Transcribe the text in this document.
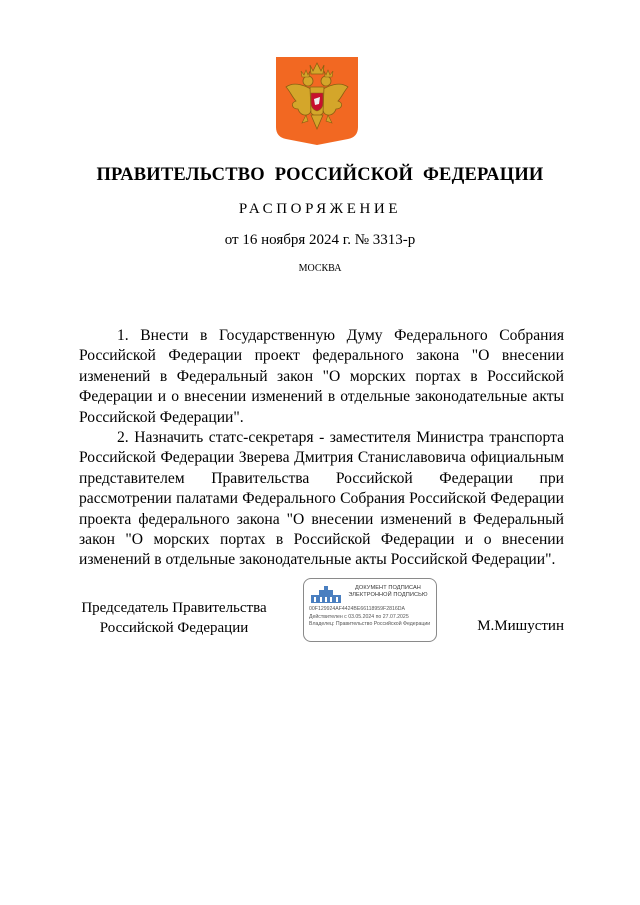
ПРАВИТЕЛЬСТВО РОССИЙСКОЙ ФЕДЕРАЦИИ
РАСПОРЯЖЕНИЕ
от 16 ноября 2024 г. № 3313-р
МОСКВА

1. Внести в Государственную Думу Федерального Собрания Российской Федерации проект федерального закона "О внесении изменений в Федеральный закон "О морских портах в Российской Федерации и о внесении изменений в отдельные законодательные акты Российской Федерации".

2. Назначить статс-секретаря - заместителя Министра транспорта Российской Федерации Зверева Дмитрия Станиславовича официальным представителем Правительства Российской Федерации при рассмотрении палатами Федерального Собрания Российской Федерации проекта федерального закона "О внесении изменений в Федеральный закон "О морских портах в Российской Федерации и о внесении изменений в отдельные законодательные акты Российской Федерации".

Председатель Правительства Российской Федерации
ДОКУМЕНТ ПОДПИСАН ЭЛЕКТРОННОЙ ПОДПИСЬЮ
00F129924AF4424BE66118959F2816DA
Действителен с 03.05.2024 по 27.07.2025
Владелец: Правительство Российской Федерации	М.Мишустин
